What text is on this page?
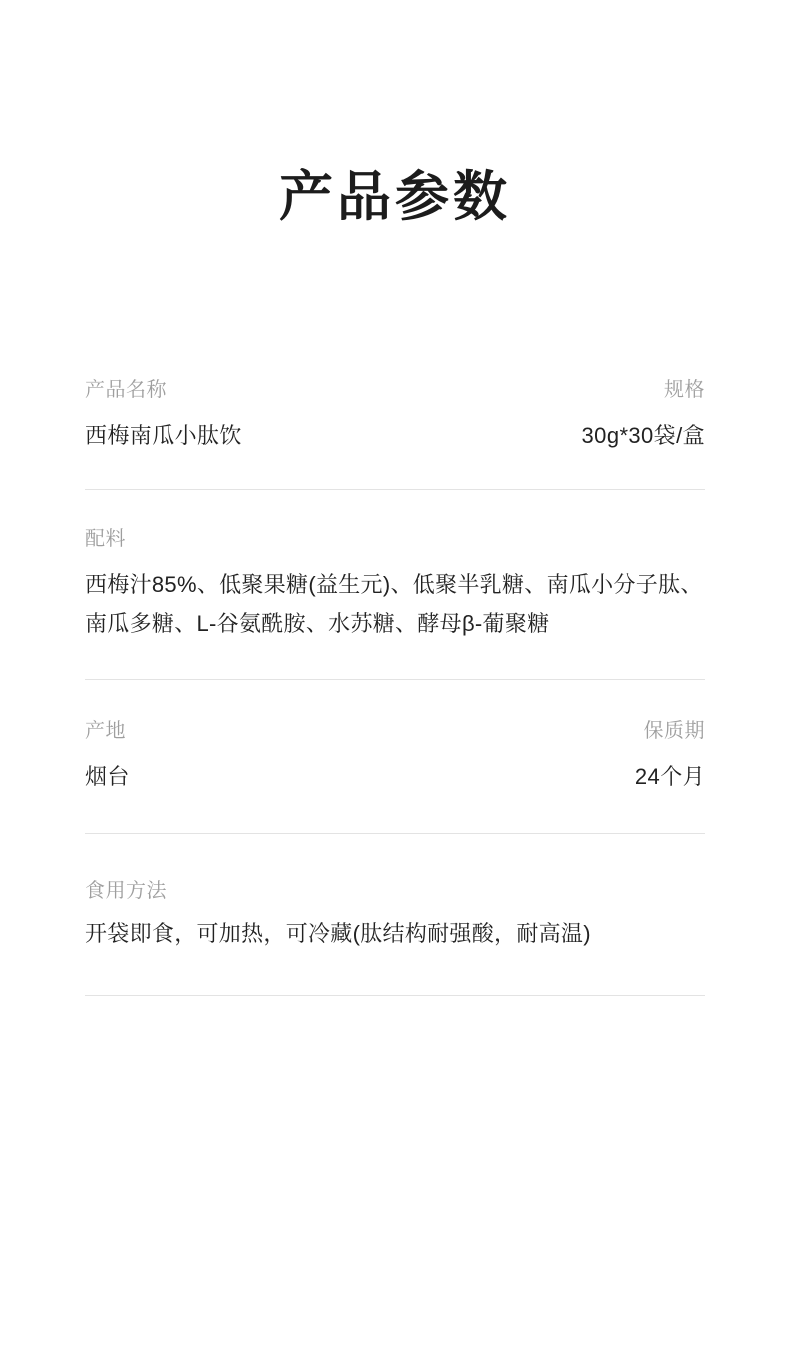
产品参数
产品名称	规格
西梅南瓜小肽饮	30g*30袋/盒
配料
西梅汁85%、低聚果糖(益生元)、低聚半乳糖、南瓜小分子肽、南瓜多糖、L-谷氨酰胺、水苏糖、酵母β-葡聚糖
产地	保质期
烟台	24个月
食用方法
开袋即食，可加热，可冷藏(肽结构耐强酸，耐高温)
